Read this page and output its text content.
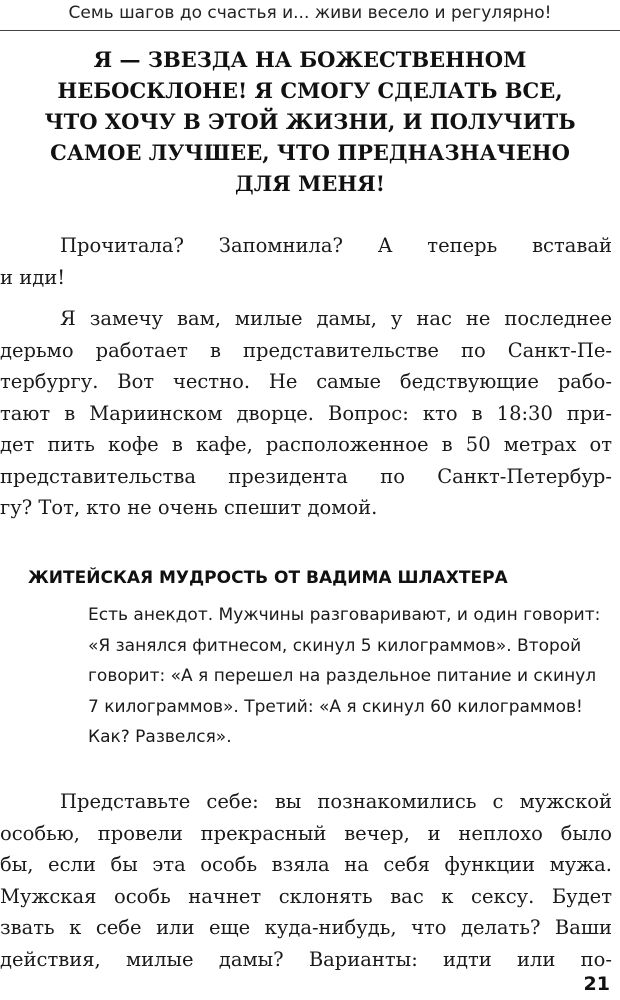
Семь шагов до счастья и... живи весело и регулярно!
Я — ЗВЕЗДА НА БОЖЕСТВЕННОМ
НЕБОСКЛОНЕ! Я СМОГУ СДЕЛАТЬ ВСЕ,
ЧТО ХОЧУ В ЭТОЙ ЖИЗНИ, И ПОЛУЧИТЬ
САМОЕ ЛУЧШЕЕ, ЧТО ПРЕДНАЗНАЧЕНО
ДЛЯ МЕНЯ!
Прочитала? Запомнила? А теперь вставай
и иди!
Я замечу вам, милые дамы, у нас не последнее
дерьмо работает в представительстве по Санкт-Пе-
тербургу. Вот честно. Не самые бедствующие рабо-
тают в Мариинском дворце. Вопрос: кто в 18:30 при-
дет пить кофе в кафе, расположенное в 50 метрах от
представительства президента по Санкт-Петербур-
гу? Тот, кто не очень спешит домой.
ЖИТЕЙСКАЯ МУДРОСТЬ ОТ ВАДИМА ШЛАХТЕРА
Есть анекдот. Мужчины разговаривают, и один говорит:
«Я занялся фитнесом, скинул 5 килограммов». Второй
говорит: «А я перешел на раздельное питание и скинул
7 килограммов». Третий: «А я скинул 60 килограммов!
Как? Развелся».
Представьте себе: вы познакомились с мужской
особью, провели прекрасный вечер, и неплохо было
бы, если бы эта особь взяла на себя функции мужа.
Мужская особь начнет склонять вас к сексу. Будет
звать к себе или еще куда-нибудь, что делать? Ваши
действия, милые дамы? Варианты: идти или по-
21
